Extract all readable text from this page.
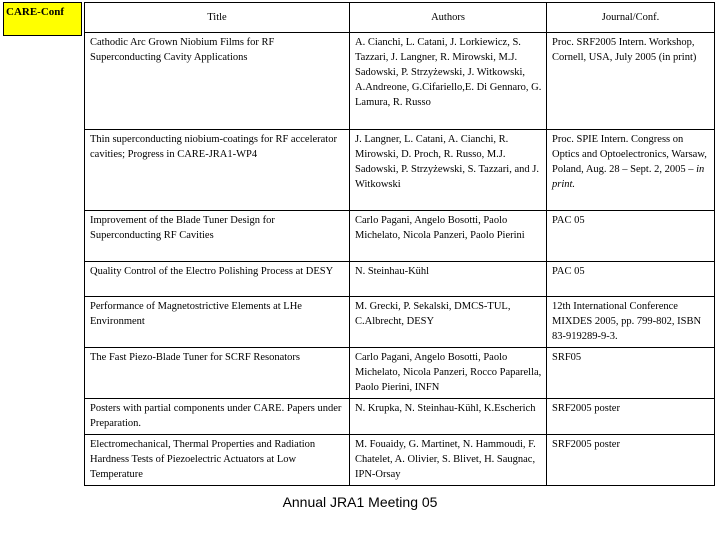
CARE-Conf	Title	Authors	Journal/Conf.
Cathodic Arc Grown Niobium Films for RF Superconducting Cavity Applications	A. Cianchi, L. Catani, J. Lorkiewicz, S. Tazzari, J. Langner, R. Mirowski, M.J. Sadowski, P. Strzyżewski, J. Witkowski, A.Andreone, G.Cifariello,E. Di Gennaro, G. Lamura, R. Russo	Proc. SRF2005 Intern. Workshop, Cornell, USA, July 2005 (in print)
Thin superconducting niobium-coatings for RF accelerator cavities; Progress in CARE-JRA1-WP4	J. Langner, L. Catani, A. Cianchi, R. Mirowski, D. Proch, R. Russo, M.J. Sadowski, P. Strzyżewski, S. Tazzari, and J. Witkowski	Proc. SPIE Intern. Congress on Optics and Optoelectronics, Warsaw, Poland, Aug. 28 – Sept. 2, 2005 – in print.
Improvement of the Blade Tuner Design for Superconducting RF Cavities	Carlo Pagani, Angelo Bosotti, Paolo Michelato, Nicola Panzeri, Paolo Pierini	PAC 05
Quality Control of the Electro Polishing Process at DESY	N. Steinhau-Kühl	PAC 05
Performance of Magnetostrictive Elements at LHe Environment	M. Grecki, P. Sekalski, DMCS-TUL, C.Albrecht, DESY	12th International Conference MIXDES 2005, pp. 799-802, ISBN 83-919289-9-3.
The Fast Piezo-Blade Tuner for SCRF Resonators	Carlo Pagani, Angelo Bosotti, Paolo Michelato, Nicola Panzeri, Rocco Paparella, Paolo Pierini, INFN	SRF05
Posters with partial components under CARE. Papers under Preparation.	N. Krupka, N. Steinhau-Kühl, K.Escherich	SRF2005 poster
Electromechanical, Thermal Properties and Radiation Hardness Tests of Piezoelectric Actuators at Low Temperature	M. Fouaidy, G. Martinet, N. Hammoudi, F. Chatelet, A. Olivier, S. Blivet, H. Saugnac, IPN-Orsay	SRF2005 poster
Annual JRA1 Meeting 05
